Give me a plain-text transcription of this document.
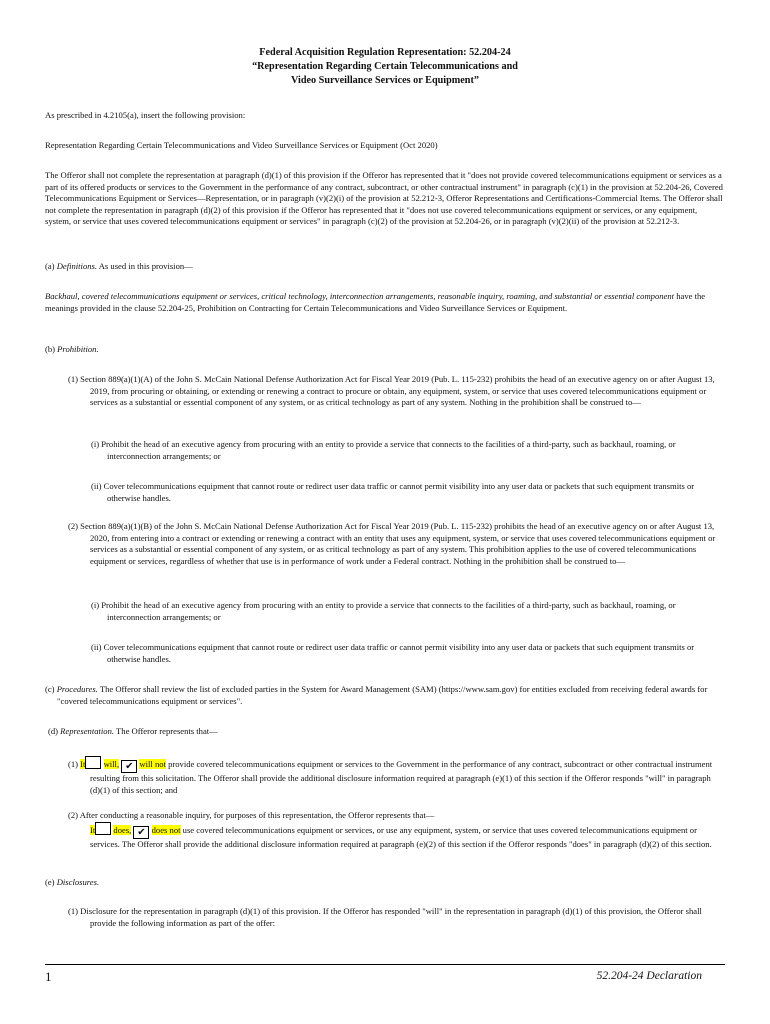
Federal Acquisition Regulation Representation: 52.204-24
“Representation Regarding Certain Telecommunications and
Video Surveillance Services or Equipment”
As prescribed in 4.2105(a), insert the following provision:
Representation Regarding Certain Telecommunications and Video Surveillance Services or Equipment (Oct 2020)
The Offeror shall not complete the representation at paragraph (d)(1) of this provision if the Offeror has represented that it "does not provide covered telecommunications equipment or services as a part of its offered products or services to the Government in the performance of any contract, subcontract, or other contractual instrument" in paragraph (c)(1) in the provision at 52.204-26, Covered Telecommunications Equipment or Services—Representation, or in paragraph (v)(2)(i) of the provision at 52.212-3, Offeror Representations and Certifications-Commercial Items. The Offeror shall not complete the representation in paragraph (d)(2) of this provision if the Offeror has represented that it "does not use covered telecommunications equipment or services, or any equipment, system, or service that uses covered telecommunications equipment or services" in paragraph (c)(2) of the provision at 52.204-26, or in paragraph (v)(2)(ii) of the provision at 52.212-3.
(a) Definitions. As used in this provision—
Backhaul, covered telecommunications equipment or services, critical technology, interconnection arrangements, reasonable inquiry, roaming, and substantial or essential component have the meanings provided in the clause 52.204-25, Prohibition on Contracting for Certain Telecommunications and Video Surveillance Services or Equipment.
(b) Prohibition.
(1) Section 889(a)(1)(A) of the John S. McCain National Defense Authorization Act for Fiscal Year 2019 (Pub. L. 115-232) prohibits the head of an executive agency on or after August 13, 2019, from procuring or obtaining, or extending or renewing a contract to procure or obtain, any equipment, system, or service that uses covered telecommunications equipment or services as a substantial or essential component of any system, or as critical technology as part of any system. Nothing in the prohibition shall be construed to—
(i) Prohibit the head of an executive agency from procuring with an entity to provide a service that connects to the facilities of a third-party, such as backhaul, roaming, or interconnection arrangements; or
(ii) Cover telecommunications equipment that cannot route or redirect user data traffic or cannot permit visibility into any user data or packets that such equipment transmits or otherwise handles.
(2) Section 889(a)(1)(B) of the John S. McCain National Defense Authorization Act for Fiscal Year 2019 (Pub. L. 115-232) prohibits the head of an executive agency on or after August 13, 2020, from entering into a contract or extending or renewing a contract with an entity that uses any equipment, system, or service that uses covered telecommunications equipment or services as a substantial or essential component of any system, or as critical technology as part of any system. This prohibition applies to the use of covered telecommunications equipment or services, regardless of whether that use is in performance of work under a Federal contract. Nothing in the prohibition shall be construed to—
(i) Prohibit the head of an executive agency from procuring with an entity to provide a service that connects to the facilities of a third-party, such as backhaul, roaming, or interconnection arrangements; or
(ii) Cover telecommunications equipment that cannot route or redirect user data traffic or cannot permit visibility into any user data or packets that such equipment transmits or otherwise handles.
(c) Procedures. The Offeror shall review the list of excluded parties in the System for Award Management (SAM) (https://www.sam.gov) for entities excluded from receiving federal awards for "covered telecommunications equipment or services".
(d) Representation. The Offeror represents that—
(1) It will, ✔ will not provide covered telecommunications equipment or services to the Government in the performance of any contract, subcontract or other contractual instrument resulting from this solicitation. The Offeror shall provide the additional disclosure information required at paragraph (e)(1) of this section if the Offeror responds "will" in paragraph (d)(1) of this section; and
(2) After conducting a reasonable inquiry, for purposes of this representation, the Offeror represents that—
It does, ✔ does not use covered telecommunications equipment or services, or use any equipment, system, or service that uses covered telecommunications equipment or services. The Offeror shall provide the additional disclosure information required at paragraph (e)(2) of this section if the Offeror responds "does" in paragraph (d)(2) of this section.
(e) Disclosures.
(1) Disclosure for the representation in paragraph (d)(1) of this provision. If the Offeror has responded "will" in the representation in paragraph (d)(1) of this provision, the Offeror shall provide the following information as part of the offer:
1	52.204-24 Declaration
